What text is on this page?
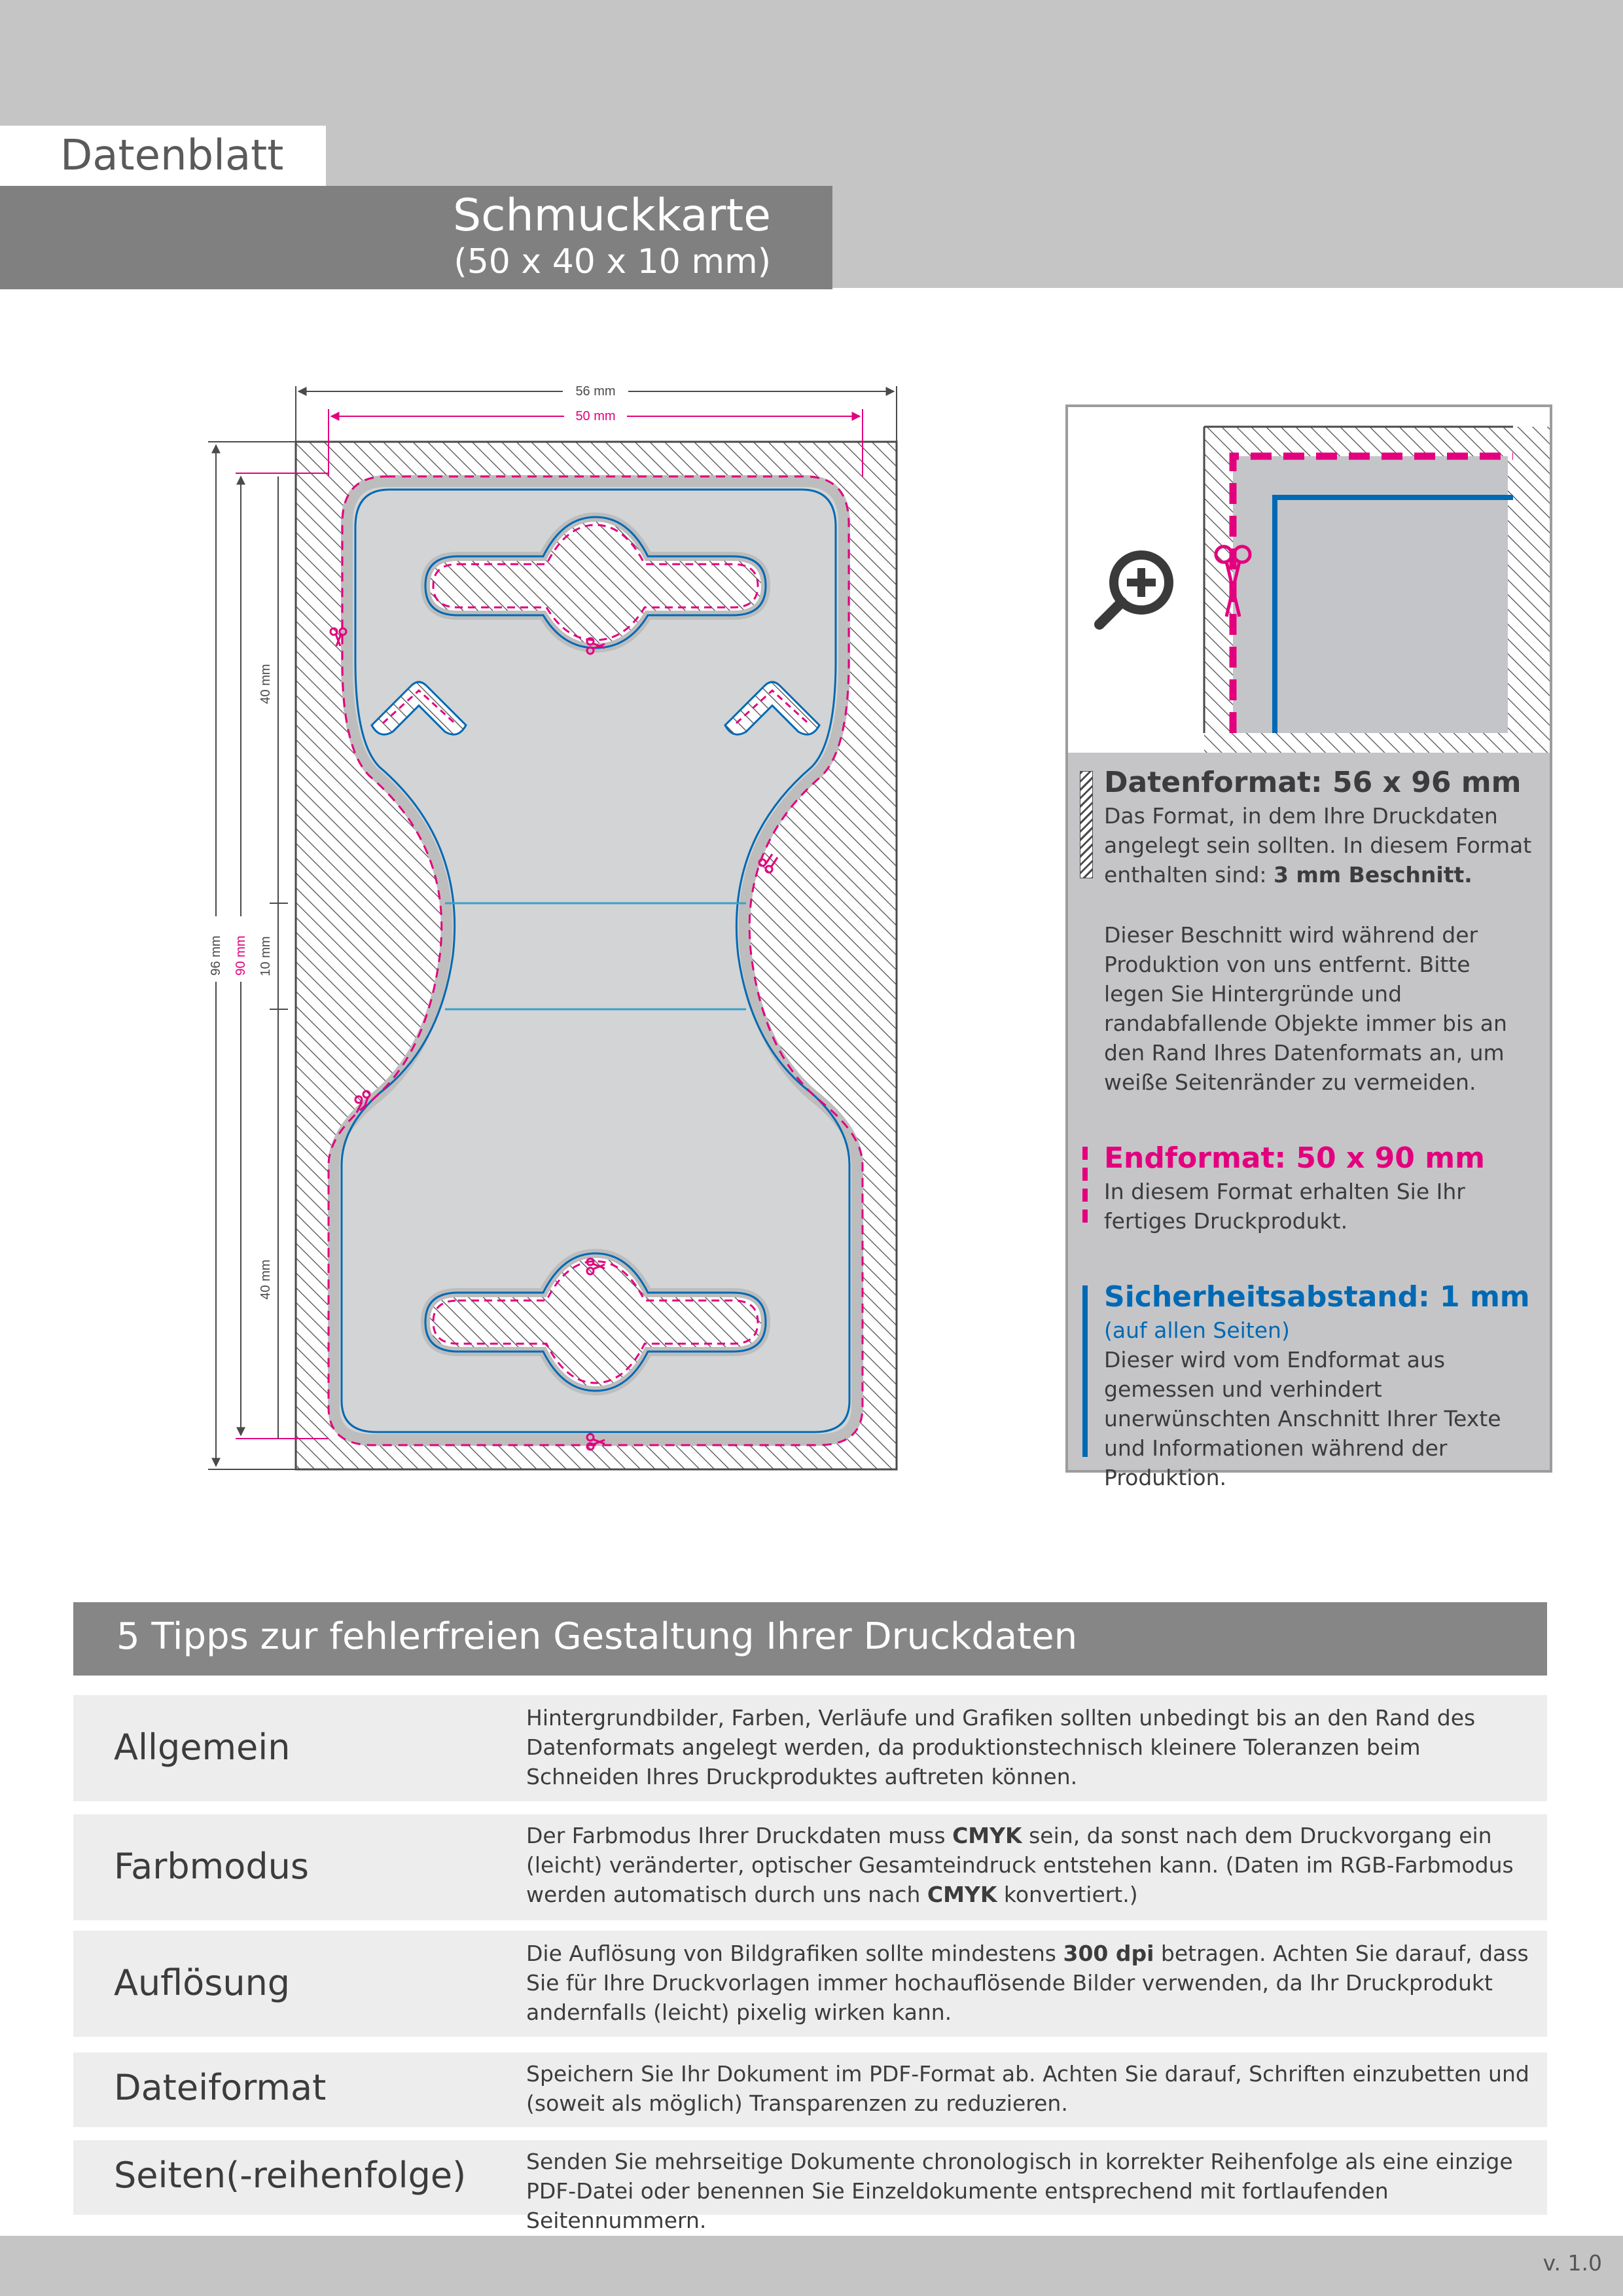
Datenblatt
Schmuckkarte
(50 x 40 x 10 mm)
56 mm
50 mm
96 mm 90 mm
40 mm
10 mm
40 mm
Datenformat: 56 x 96 mm
Das Format, in dem Ihre Druckdaten angelegt sein sollten. In diesem Format enthalten sind: 3 mm Beschnitt.
Dieser Beschnitt wird während der Produktion von uns entfernt. Bitte legen Sie Hintergründe und randabfallende Objekte immer bis an den Rand Ihres Datenformats an, um weiße Seitenränder zu vermeiden.
Endformat: 50 x 90 mm
In diesem Format erhalten Sie Ihr fertiges Druckprodukt.
Sicherheitsabstand: 1 mm
(auf allen Seiten)
Dieser wird vom Endformat aus gemessen und verhindert unerwünschten Anschnitt Ihrer Texte und Informationen während der Produktion.
5 Tipps zur fehlerfreien Gestaltung Ihrer Druckdaten
Allgemein
Hintergrundbilder, Farben, Verläufe und Grafiken sollten unbedingt bis an den Rand des Datenformats angelegt werden, da produktionstechnisch kleinere Toleranzen beim Schneiden Ihres Druckproduktes auftreten können.
Farbmodus
Der Farbmodus Ihrer Druckdaten muss CMYK sein, da sonst nach dem Druckvorgang ein (leicht) veränderter, optischer Gesamteindruck entstehen kann. (Daten im RGB-Farbmodus werden automatisch durch uns nach CMYK konvertiert.)
Auflösung
Die Auflösung von Bildgrafiken sollte mindestens 300 dpi betragen. Achten Sie darauf, dass Sie für Ihre Druckvorlagen immer hochauflösende Bilder verwenden, da Ihr Druckprodukt andernfalls (leicht) pixelig wirken kann.
Dateiformat	Speichern Sie Ihr Dokument im PDF-Format ab. Achten Sie darauf, Schriften einzubetten und (soweit als möglich) Transparenzen zu reduzieren.
Seiten(-reihenfolge)	Senden Sie mehrseitige Dokumente chronologisch in korrekter Reihenfolge als eine einzige PDF-Datei oder benennen Sie Einzeldokumente entsprechend mit fortlaufenden Seitennummern.
v. 1.0
